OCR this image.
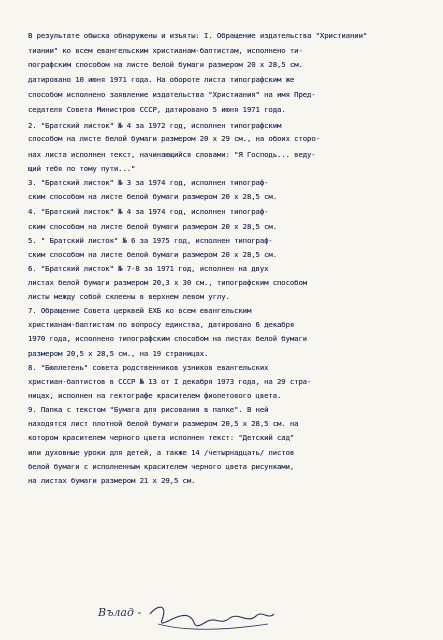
В результате обыска обнаружены и изъяты: I. Обращение издательства "Христиании"
тиании" ко всем евангельским христианам-баптистам, исполнено ти-
пографским способом на листе белой бумаги размером 20 х 28,5 см.
датировано 10 июня 1971 года. На обороте листа типографским же
способом исполнено заявление издательства "Христиания" на имя Пред-
седателя Совета Министров СССР, датировано 5 июня 1971 года.
2. "Братский листок" № 4 за 1972 год, исполнен типографским
способом на листе белой бумаги размером 20 х 29 см., на обоих сторо-
нах листа исполнен текст, начинающийся словами: "Я Господь... веду-
щий тебя по тому пути..."
3. "Братский листок" № 3 за 1974 год, исполнен типограф-
ским способом на листе белой бумаги размером 20 х 28,5 см.
4. "Братский листок" № 4 за 1974 год, исполнен типограф-
ским способом на листе белой бумаги размером 20 х 28,5 см.
5. " Братский листок" № 6 за 1975 год, исполнен типограф-
ским способом на листе белой бумаги размером 20 х 28,5 см.
6. "Братский листок" № 7-8 за 1971 год, исполнен на двух
листах белой бумаги размером 20,3 х 30 см., типографским способом
листы между собой склеены в верхнем левом углу.
7. Обращение Совета церквей ЕХБ ко всем евангельским
христианам-баптистам по вопросу единства, датировано 6 декабря
1970 года, исполнено типографским способом на листах белой бумаги
размером 20,5 х 28,5 см., на 19 страницах.
8. "Бюллетень" совета родственников узников евангельских
христиан-баптистов в СССР № 13 от I декабря 1973 года, на 29 стра-
ницах, исполнен на гектографе красителем фиолетового цвета.
9. Папка с текстом "Бумага для рисования в папке". В ней
находятся лист плотной белой бумаги размером 20,5 х 28,5 см. на
котором красителем черного цвета исполнен текст: "Детский сад"
или духовные уроки для детей, а также 14 /четырнадцать/ листов
белой бумаги с исполненным красителем черного цвета рисунками,
на листах бумаги размером 21 х 29,5 см.
Вълад -
